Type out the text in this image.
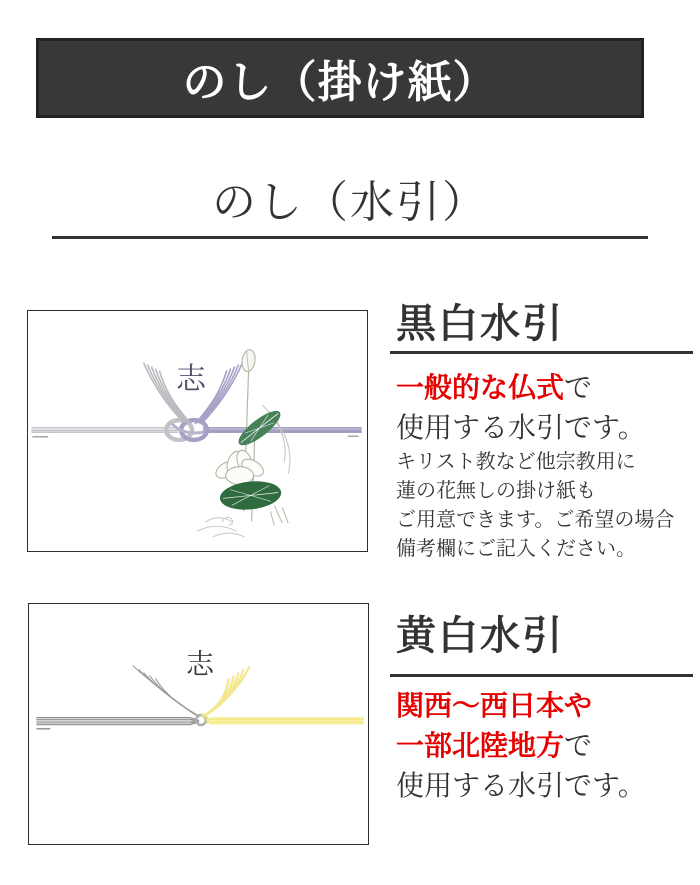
のし（掛け紙）
のし（水引）
志
黒白水引
一般的な仏式で
使用する水引です。
キリスト教など他宗教用に
蓮の花無しの掛け紙も
ご用意できます。ご希望の場合
備考欄にご記入ください。
志
黄白水引
関西〜西日本や
一部北陸地方で
使用する水引です。
